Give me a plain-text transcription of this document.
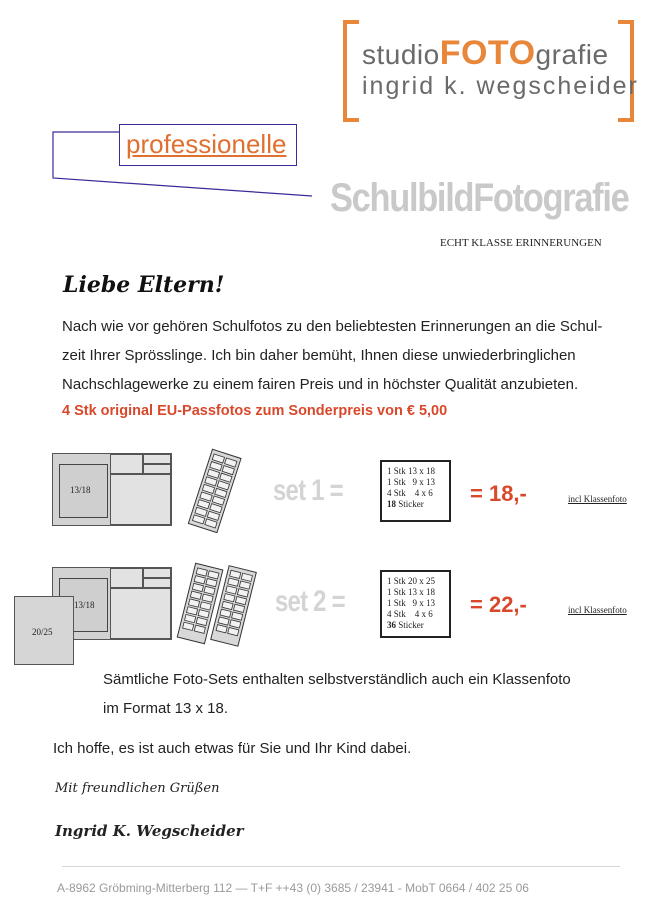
studioFOTOgrafie
ingrid k. wegscheider
professionelle
SchulbildFotografie
ECHT KLASSE ERINNERUNGEN
Liebe Eltern!
Nach wie vor gehören Schulfotos zu den beliebtesten Erinnerungen an die Schul-
zeit Ihrer Sprösslinge. Ich bin daher bemüht, Ihnen diese unwiederbringlichen
Nachschlagewerke zu einem fairen Preis und in höchster Qualität anzubieten.
4 Stk original EU-Passfotos zum Sonderpreis von € 5,00
13/18	set 1 =
1 Stk 13 x 18
1 Stk   9 x 13
4 Stk    4 x 6
18 Sticker	= 18,-	incl Klassenfoto
13/18
20/25
set 2 =
1 Stk 20 x 25
1 Stk 13 x 18
1 Stk   9 x 13
4 Stk    4 x 6
36 Sticker
= 22,-	incl Klassenfoto
Sämtliche Foto-Sets enthalten selbstverständlich auch ein Klassenfoto
im Format 13 x 18.
Ich hoffe, es ist auch etwas für Sie und Ihr Kind dabei.
Mit freundlichen Grüßen
Ingrid K. Wegscheider
A-8962 Gröbming-Mitterberg 112 — T+F ++43 (0) 3685 / 23941 - MobT 0664 / 402 25 06
